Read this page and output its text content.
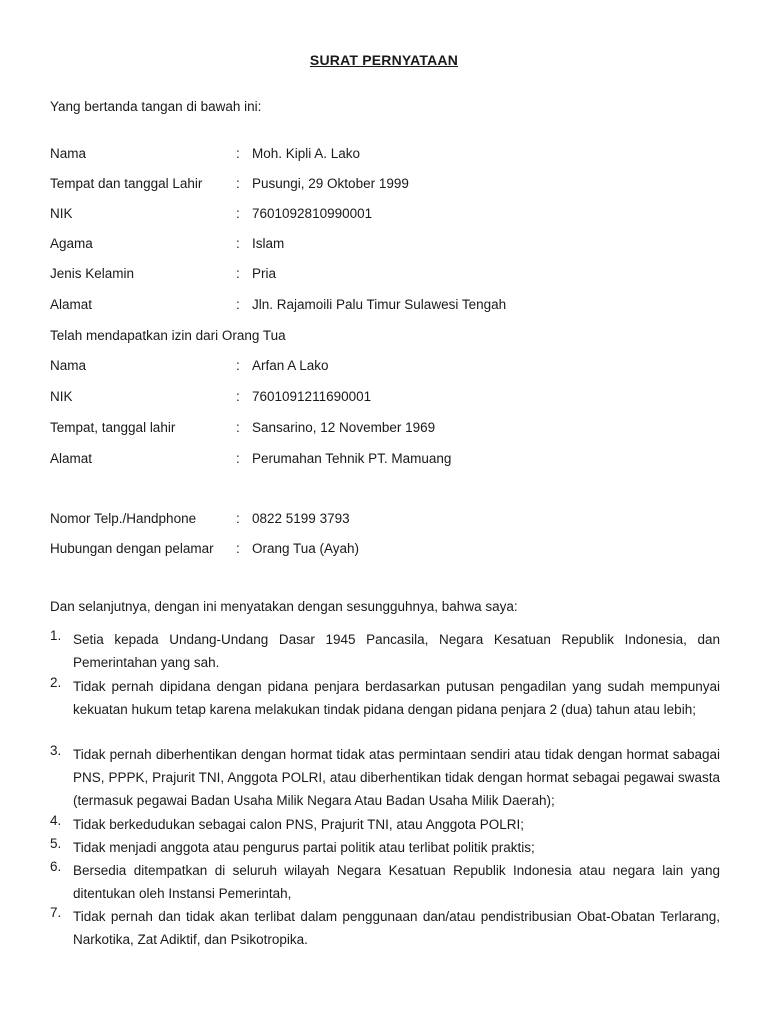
SURAT PERNYATAAN
Yang bertanda tangan di bawah ini:
Nama	: Moh. Kipli A. Lako
Tempat dan tanggal Lahir : Pusungi, 29 Oktober 1999
NIK	: 7601092810990001
Agama	: Islam
Jenis Kelamin	: Pria
Alamat	: Jln. Rajamoili Palu Timur Sulawesi Tengah
Telah mendapatkan izin dari Orang Tua
Nama	: Arfan A Lako
NIK	: 7601091211690001
Tempat, tanggal lahir	: Sansarino, 12 November 1969
Alamat	: Perumahan Tehnik PT. Mamuang
Nomor Telp./Handphone	: 0822 5199 3793
Hubungan dengan pelamar : Orang Tua (Ayah)
Dan selanjutnya, dengan ini menyatakan dengan sesungguhnya, bahwa saya:
1. Setia kepada Undang-Undang Dasar 1945 Pancasila, Negara Kesatuan Republik Indonesia, dan Pemerintahan yang sah.
2. Tidak pernah dipidana dengan pidana penjara berdasarkan putusan pengadilan yang sudah mempunyai kekuatan hukum tetap karena melakukan tindak pidana dengan pidana penjara 2 (dua) tahun atau lebih;
3. Tidak pernah diberhentikan dengan hormat tidak atas permintaan sendiri atau tidak dengan hormat sabagai PNS, PPPK, Prajurit TNI, Anggota POLRI, atau diberhentikan tidak dengan hormat sebagai pegawai swasta (termasuk pegawai Badan Usaha Milik Negara Atau Badan Usaha Milik Daerah);
4. Tidak berkedudukan sebagai calon PNS, Prajurit TNI, atau Anggota POLRI;
5. Tidak menjadi anggota atau pengurus partai politik atau terlibat politik praktis;
6. Bersedia ditempatkan di seluruh wilayah Negara Kesatuan Republik Indonesia atau negara lain yang ditentukan oleh Instansi Pemerintah,
7. Tidak pernah dan tidak akan terlibat dalam penggunaan dan/atau pendistribusian Obat-Obatan Terlarang, Narkotika, Zat Adiktif, dan Psikotropika.
